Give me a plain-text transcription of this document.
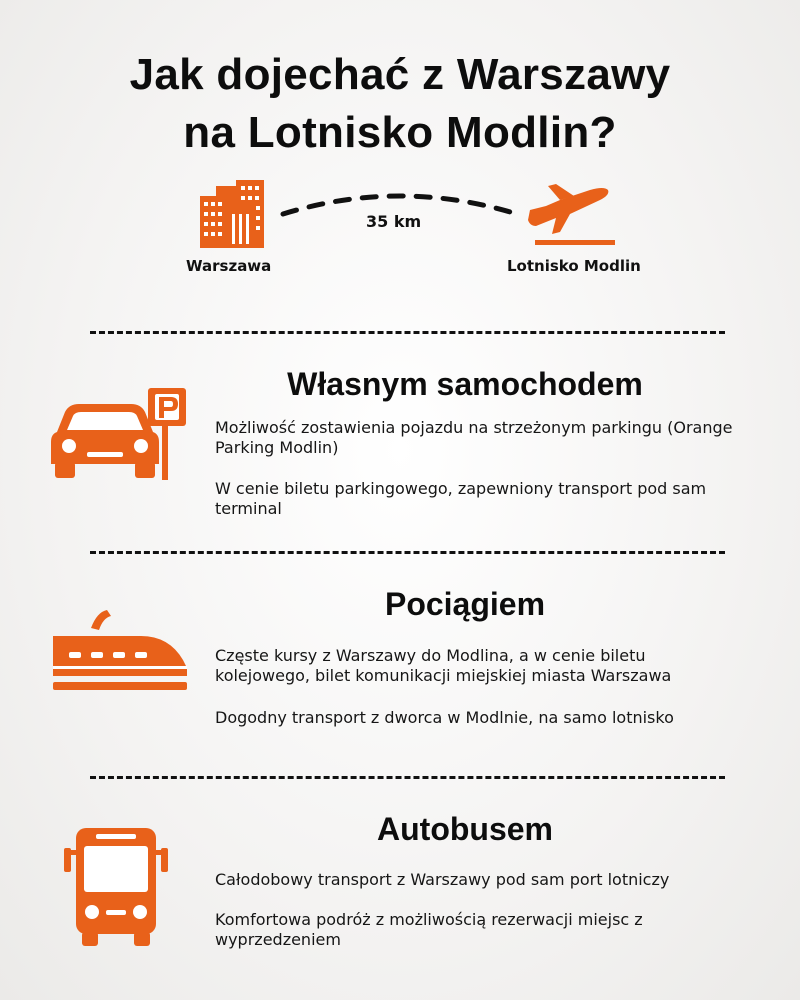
Jak dojechać z Warszawy
na Lotnisko Modlin?
35 km
Warszawa	Lotnisko Modlin
Własnym samochodem
Możliwość zostawienia pojazdu na strzeżonym parkingu (Orange Parking Modlin)
W cenie biletu parkingowego, zapewniony transport pod sam terminal
Pociągiem
Częste kursy z Warszawy do Modlina, a w cenie biletu kolejowego, bilet komunikacji miejskiej miasta Warszawa
Dogodny transport z dworca w Modlnie, na samo lotnisko
Autobusem
Całodobowy transport z Warszawy pod sam port lotniczy
Komfortowa podróż z możliwością rezerwacji miejsc z wyprzedzeniem
